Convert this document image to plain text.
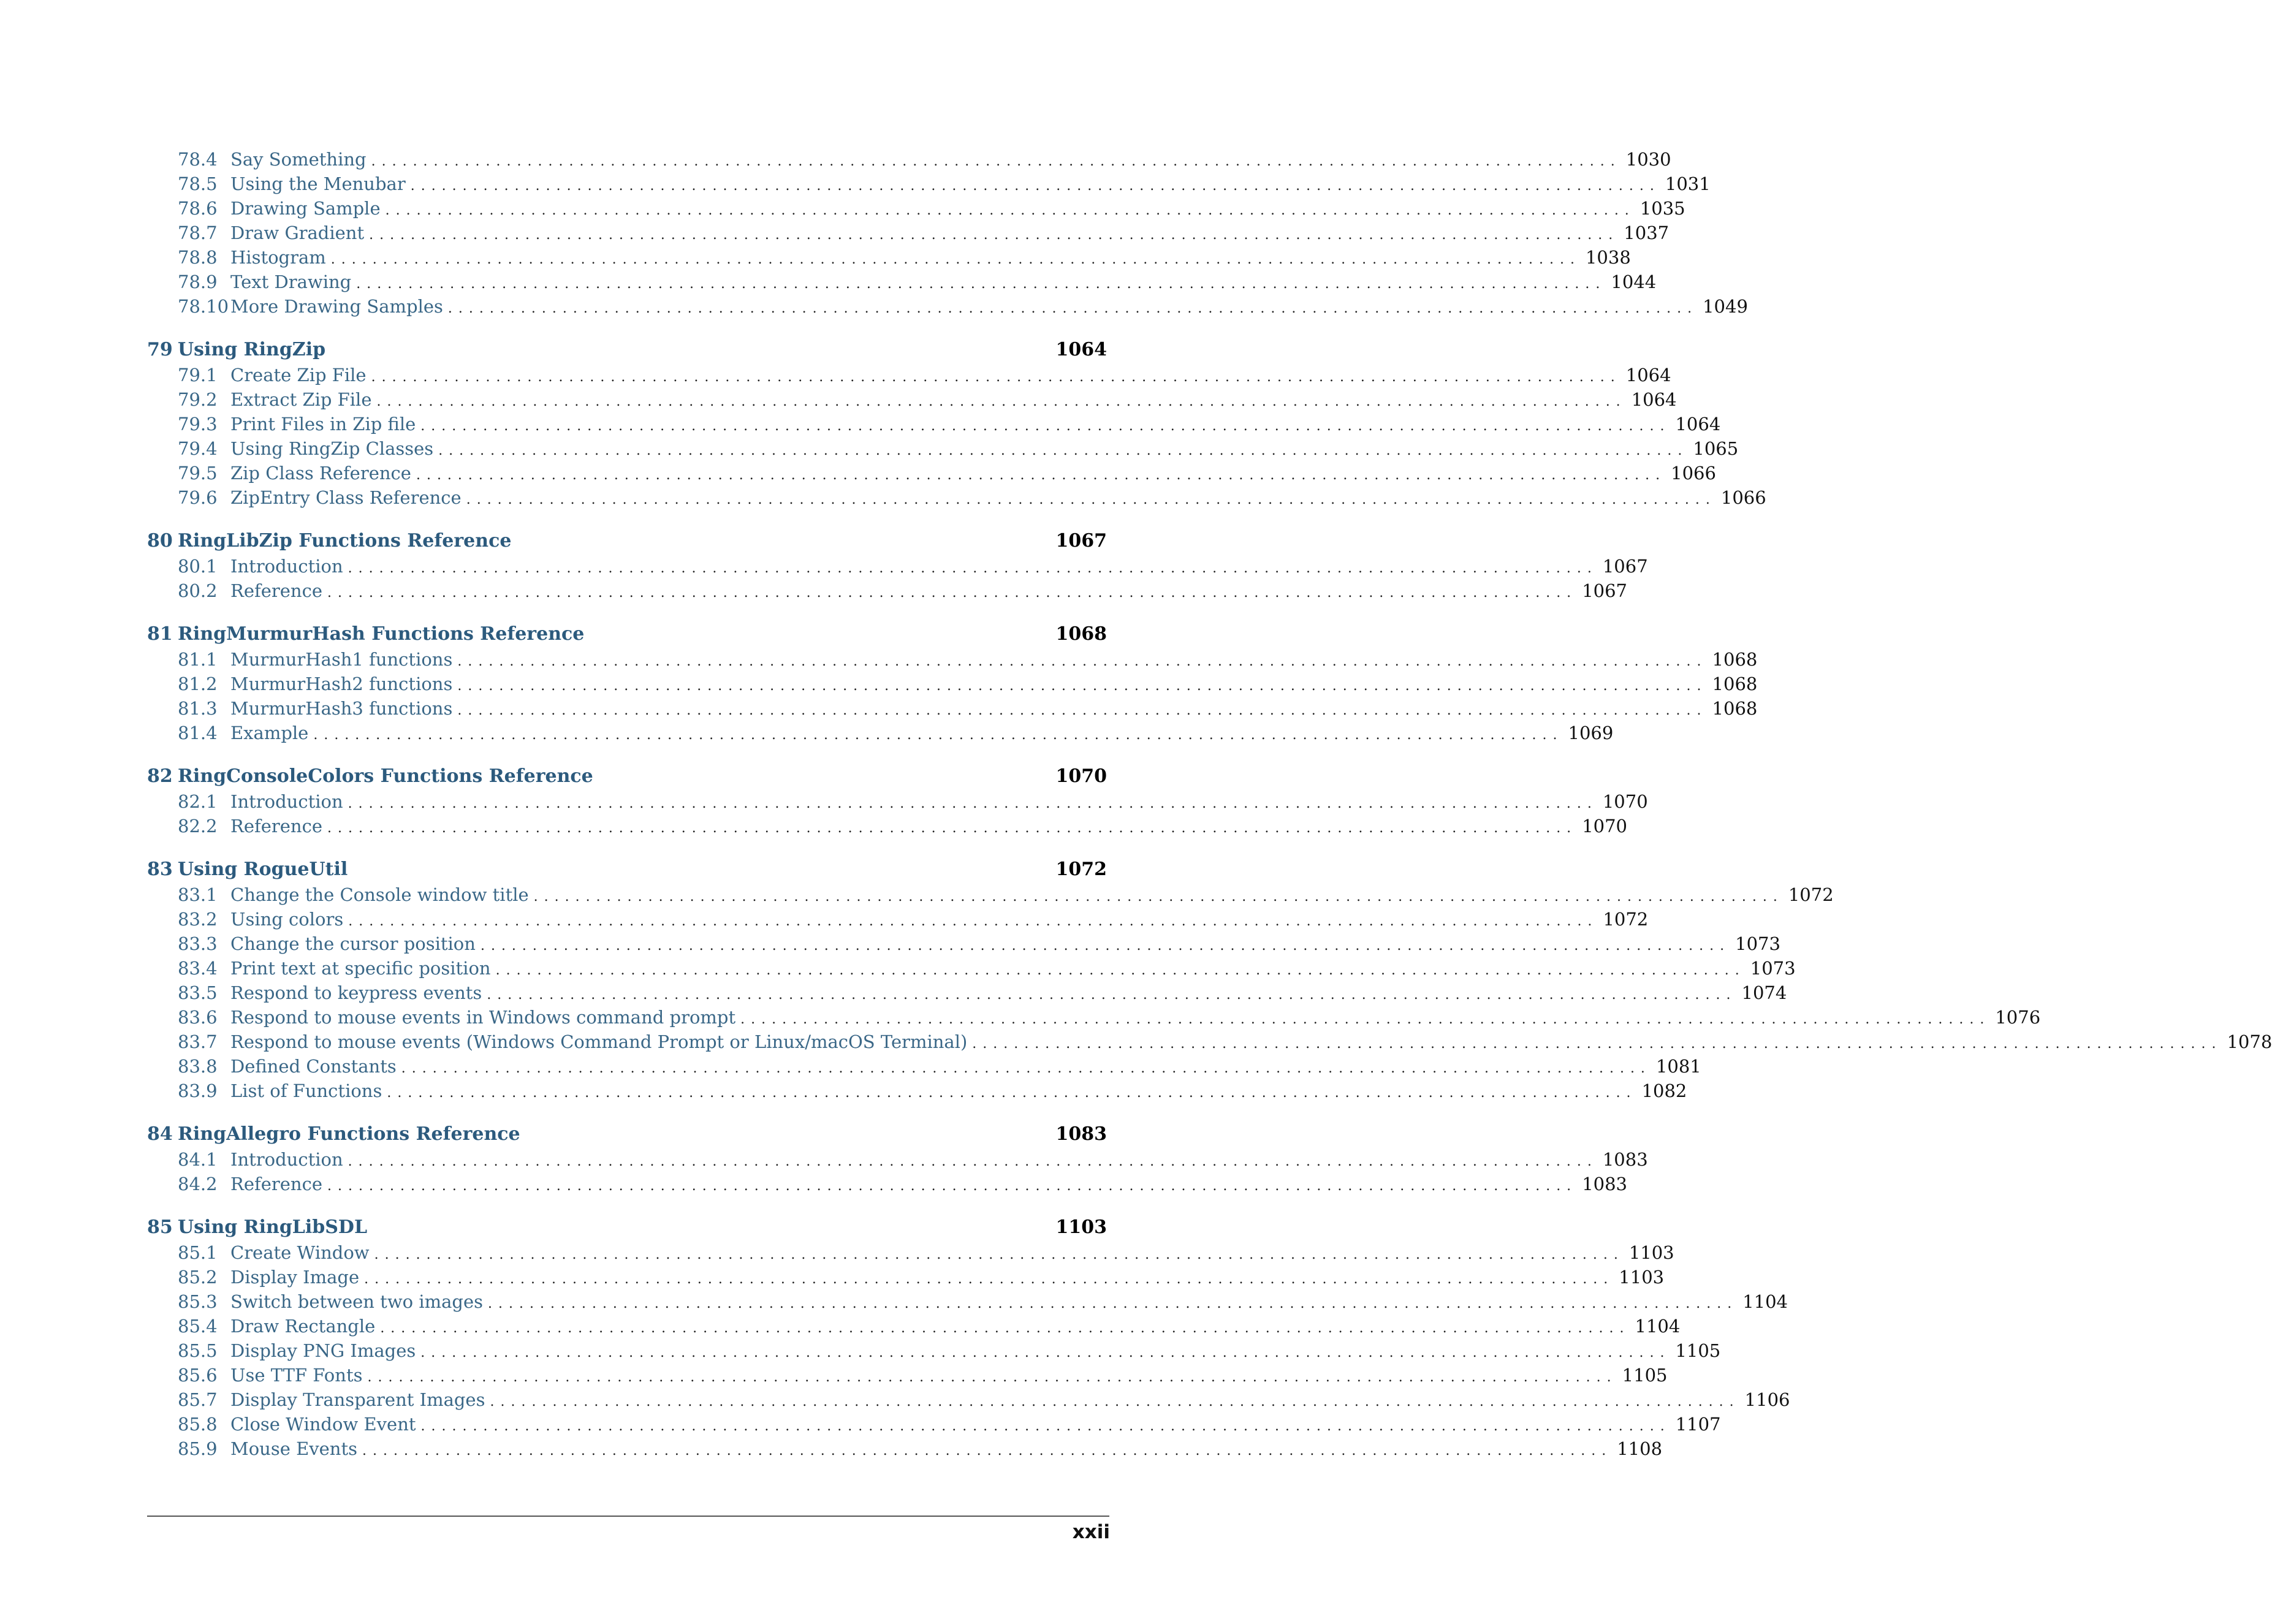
78.4 Say Something ........................................................................................................................ 1030
78.5 Using the Menubar ........................................................................................................................ 1031
78.6 Drawing Sample ........................................................................................................................ 1035
78.7 Draw Gradient ........................................................................................................................ 1037
78.8 Histogram ........................................................................................................................ 1038
78.9 Text Drawing ........................................................................................................................ 1044
78.10 More Drawing Samples ........................................................................................................................ 1049
79 Using RingZip	1064
79.1 Create Zip File ........................................................................................................................ 1064
79.2 Extract Zip File ........................................................................................................................ 1064
79.3 Print Files in Zip file ........................................................................................................................ 1064
79.4 Using RingZip Classes ........................................................................................................................ 1065
79.5 Zip Class Reference ........................................................................................................................ 1066
79.6 ZipEntry Class Reference ........................................................................................................................ 1066
80 RingLibZip Functions Reference	1067
80.1 Introduction ........................................................................................................................ 1067
80.2 Reference ........................................................................................................................ 1067
81 RingMurmurHash Functions Reference	1068
81.1 MurmurHash1 functions ........................................................................................................................ 1068
81.2 MurmurHash2 functions ........................................................................................................................ 1068
81.3 MurmurHash3 functions ........................................................................................................................ 1068
81.4 Example ........................................................................................................................ 1069
82 RingConsoleColors Functions Reference	1070
82.1 Introduction ........................................................................................................................ 1070
82.2 Reference ........................................................................................................................ 1070
83 Using RogueUtil	1072
83.1 Change the Console window title ........................................................................................................................ 1072
83.2 Using colors ........................................................................................................................ 1072
83.3 Change the cursor position ........................................................................................................................ 1073
83.4 Print text at specific position ........................................................................................................................ 1073
83.5 Respond to keypress events ........................................................................................................................ 1074
83.6 Respond to mouse events in Windows command prompt ........................................................................................................................ 1076
83.7 Respond to mouse events (Windows Command Prompt or Linux/macOS Terminal) ........................................................................................................................ 1078
83.8 Defined Constants ........................................................................................................................ 1081
83.9 List of Functions ........................................................................................................................ 1082
84 RingAllegro Functions Reference	1083
84.1 Introduction ........................................................................................................................ 1083
84.2 Reference ........................................................................................................................ 1083
85 Using RingLibSDL	1103
85.1 Create Window ........................................................................................................................ 1103
85.2 Display Image ........................................................................................................................ 1103
85.3 Switch between two images ........................................................................................................................ 1104
85.4 Draw Rectangle ........................................................................................................................ 1104
85.5 Display PNG Images ........................................................................................................................ 1105
85.6 Use TTF Fonts ........................................................................................................................ 1105
85.7 Display Transparent Images ........................................................................................................................ 1106
85.8 Close Window Event ........................................................................................................................ 1107
85.9 Mouse Events ........................................................................................................................ 1108
xxii
